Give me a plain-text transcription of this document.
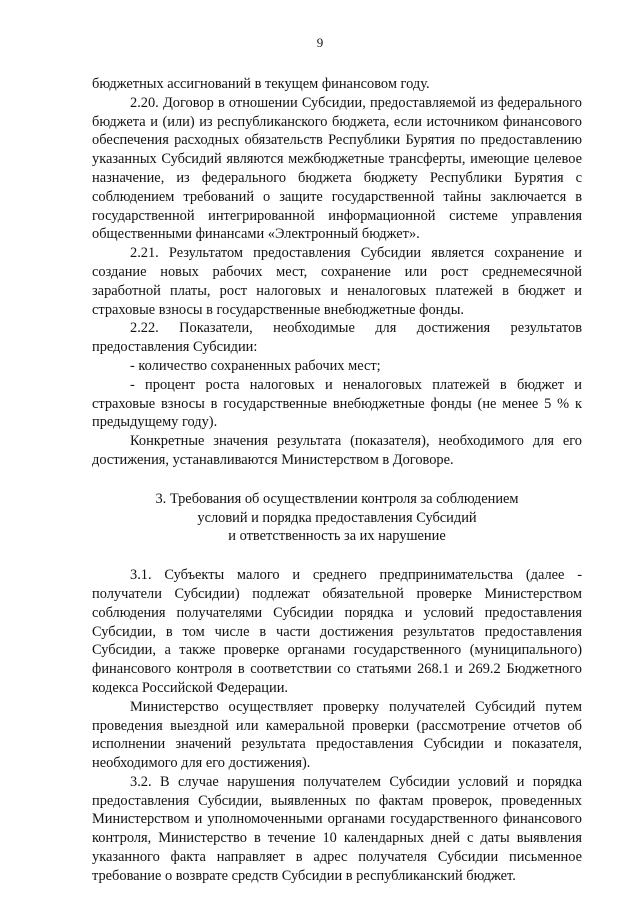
9

бюджетных ассигнований в текущем финансовом году.

2.20. Договор в отношении Субсидии, предоставляемой из федерального бюджета и (или) из республиканского бюджета, если источником финансового обеспечения расходных обязательств Республики Бурятия по предоставлению указанных Субсидий являются межбюджетные трансферты, имеющие целевое назначение, из федерального бюджета бюджету Республики Бурятия с соблюдением требований о защите государственной тайны заключается в государственной интегрированной информационной системе управления общественными финансами «Электронный бюджет».

2.21. Результатом предоставления Субсидии является сохранение и создание новых рабочих мест, сохранение или рост среднемесячной заработной платы, рост налоговых и неналоговых платежей в бюджет и страховые взносы в государственные внебюджетные фонды.

2.22. Показатели, необходимые для достижения результатов предоставления Субсидии:

- количество сохраненных рабочих мест;

- процент роста налоговых и неналоговых платежей в бюджет и страховые взносы в государственные внебюджетные фонды (не менее 5 % к предыдущему году).

Конкретные значения результата (показателя), необходимого для его достижения, устанавливаются Министерством в Договоре.

3. Требования об осуществлении контроля за соблюдением
условий и порядка предоставления Субсидий
и ответственность за их нарушение

3.1. Субъекты малого и среднего предпринимательства (далее - получатели Субсидии) подлежат обязательной проверке Министерством соблюдения получателями Субсидии порядка и условий предоставления Субсидии, в том числе в части достижения результатов предоставления Субсидии, а также проверке органами государственного (муниципального) финансового контроля в соответствии со статьями 268.1 и 269.2 Бюджетного кодекса Российской Федерации.

Министерство осуществляет проверку получателей Субсидий путем проведения выездной или камеральной проверки (рассмотрение отчетов об исполнении значений результата предоставления Субсидии и показателя, необходимого для его достижения).

3.2. В случае нарушения получателем Субсидии условий и порядка предоставления Субсидии, выявленных по фактам проверок, проведенных Министерством и уполномоченными органами государственного финансового контроля, Министерство в течение 10 календарных дней с даты выявления указанного факта направляет в адрес получателя Субсидии письменное требование о возврате средств Субсидии в республиканский бюджет.
